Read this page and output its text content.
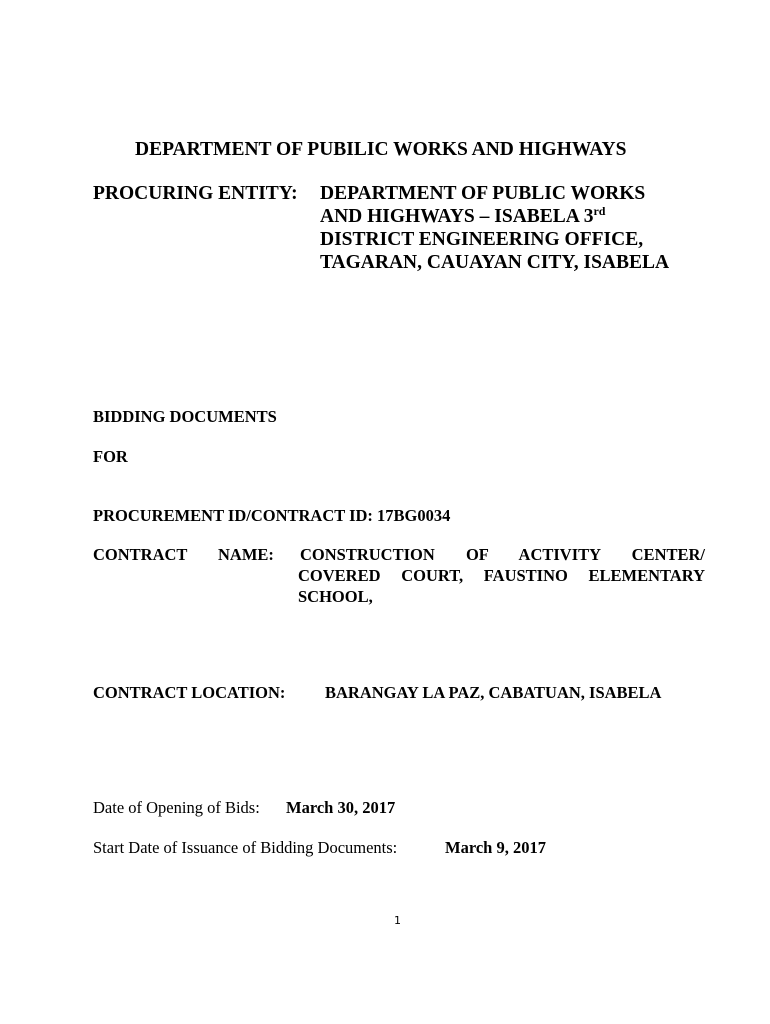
DEPARTMENT OF PUBILIC WORKS AND HIGHWAYS
PROCURING ENTITY: DEPARTMENT OF PUBLIC WORKS
AND HIGHWAYS – ISABELA 3rd
DISTRICT ENGINEERING OFFICE,
TAGARAN, CAUAYAN CITY, ISABELA
BIDDING DOCUMENTS
FOR
PROCUREMENT ID/CONTRACT ID: 17BG0034
CONTRACT NAME: CONSTRUCTION OF ACTIVITY CENTER/
COVERED COURT, FAUSTINO ELEMENTARY
SCHOOL,
CONTRACT LOCATION: BARANGAY LA PAZ, CABATUAN, ISABELA
Date of Opening of Bids: March 30, 2017
Start Date of Issuance of Bidding Documents:	March 9, 2017
1
